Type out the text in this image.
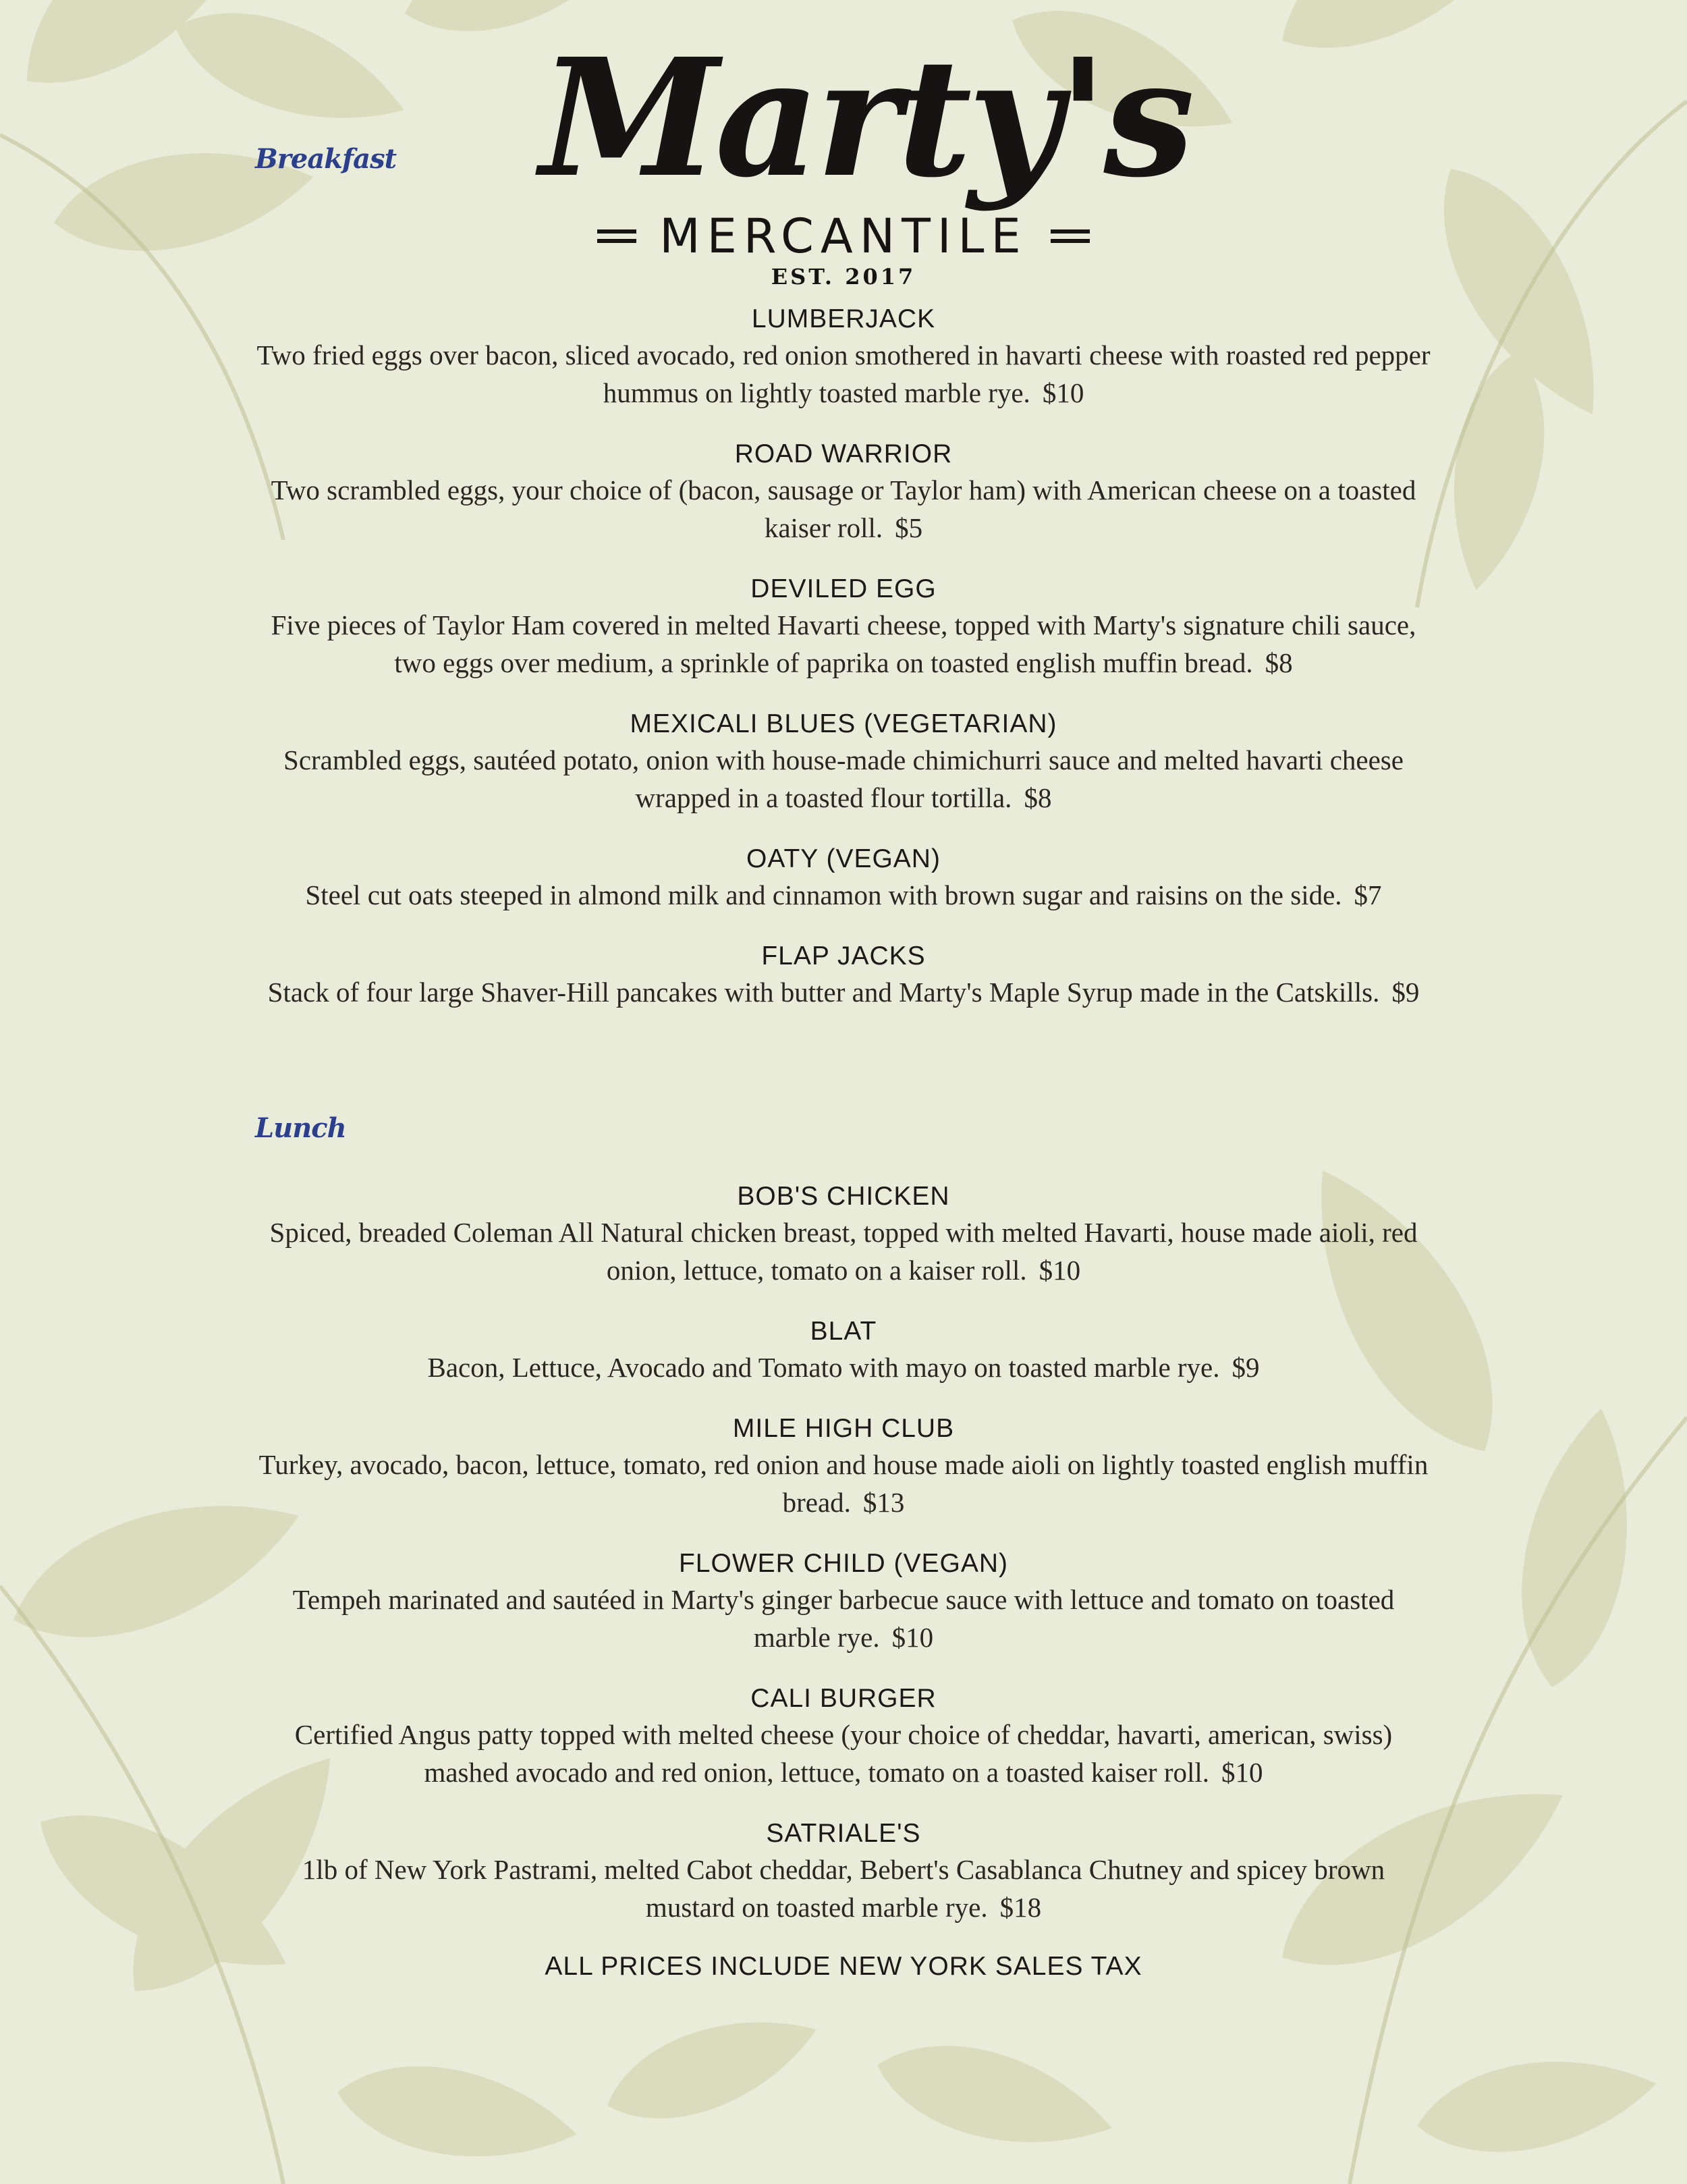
Marty's
MERCANTILE
EST. 2017
Breakfast
LUMBERJACK
Two fried eggs over bacon, sliced avocado, red onion smothered in havarti cheese with roasted red pepper hummus on lightly toasted marble rye. $10
ROAD WARRIOR
Two scrambled eggs, your choice of (bacon, sausage or Taylor ham) with American cheese on a toasted kaiser roll. $5
DEVILED EGG
Five pieces of Taylor Ham covered in melted Havarti cheese, topped with Marty's signature chili sauce, two eggs over medium, a sprinkle of paprika on toasted english muffin bread. $8
MEXICALI BLUES (VEGETARIAN)
Scrambled eggs, sautéed potato, onion with house-made chimichurri sauce and melted havarti cheese wrapped in a toasted flour tortilla. $8
OATY (VEGAN)
Steel cut oats steeped in almond milk and cinnamon with brown sugar and raisins on the side. $7
FLAP JACKS
Stack of four large Shaver-Hill pancakes with butter and Marty's Maple Syrup made in the Catskills. $9
Lunch
BOB'S CHICKEN
Spiced, breaded Coleman All Natural chicken breast, topped with melted Havarti, house made aioli, red onion, lettuce, tomato on a kaiser roll. $10
BLAT
Bacon, Lettuce, Avocado and Tomato with mayo on toasted marble rye. $9
MILE HIGH CLUB
Turkey, avocado, bacon, lettuce, tomato, red onion and house made aioli on lightly toasted english muffin bread. $13
FLOWER CHILD (VEGAN)
Tempeh marinated and sautéed in Marty's ginger barbecue sauce with lettuce and tomato on toasted marble rye. $10
CALI BURGER
Certified Angus patty topped with melted cheese (your choice of cheddar, havarti, american, swiss) mashed avocado and red onion, lettuce, tomato on a toasted kaiser roll. $10
SATRIALE'S
1lb of New York Pastrami, melted Cabot cheddar, Bebert's Casablanca Chutney and spicey brown mustard on toasted marble rye. $18
ALL PRICES INCLUDE NEW YORK SALES TAX
